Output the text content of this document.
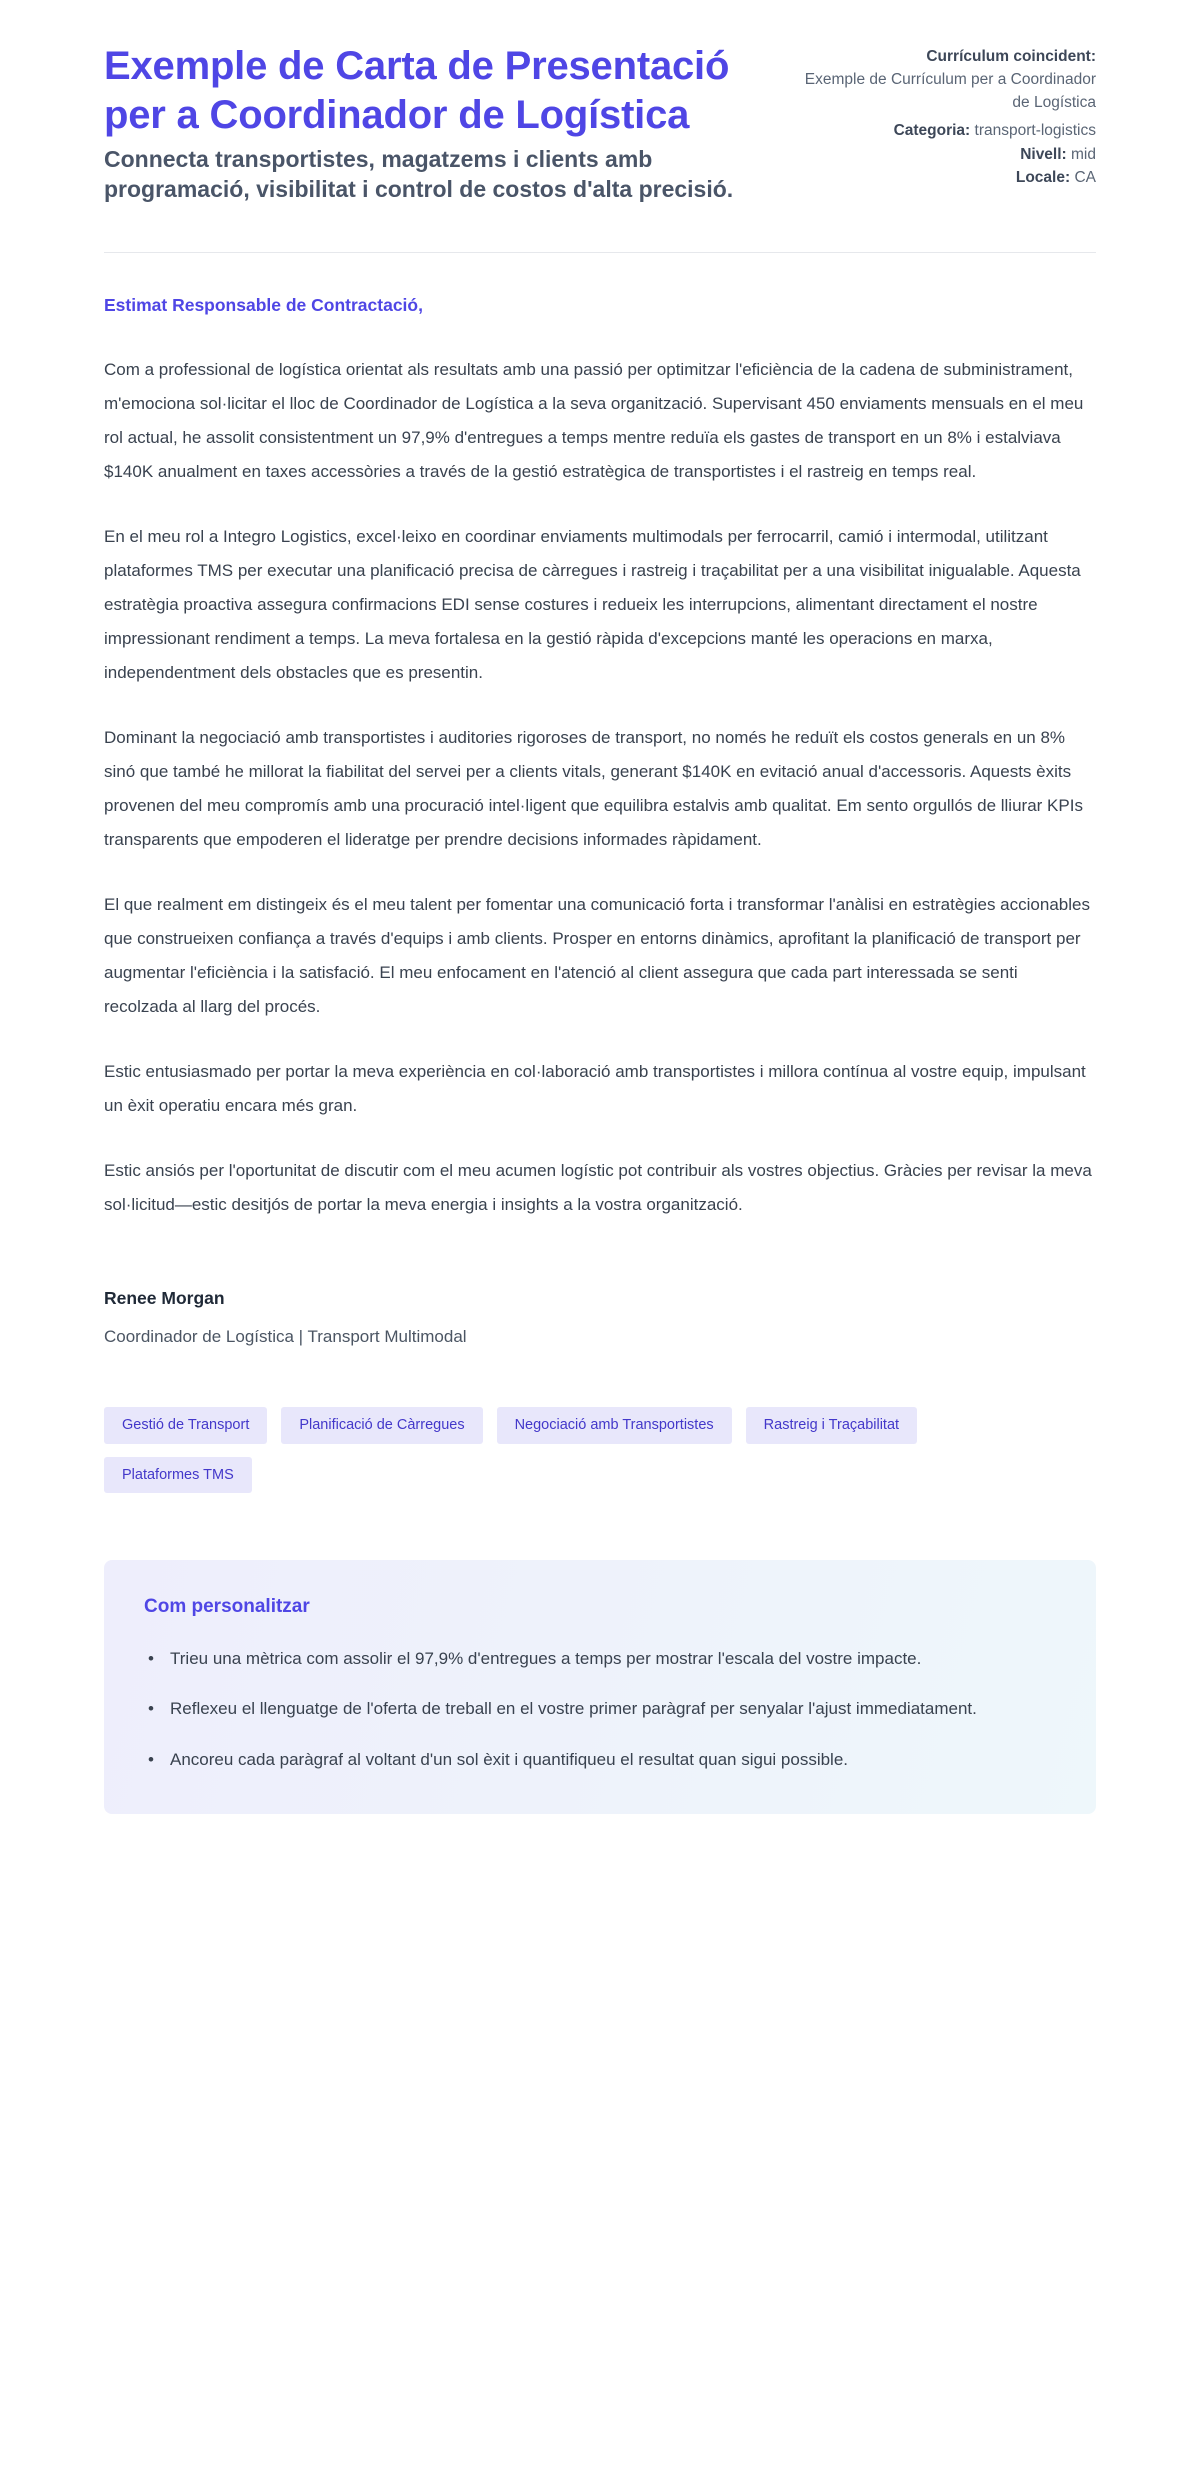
Exemple de Carta de Presentació per a Coordinador de Logística

Connecta transportistes, magatzems i clients amb programació, visibilitat i control de costos d'alta precisió.

Currículum coincident:
Exemple de Currículum per a Coordinador de Logística
Categoria: transport-logistics
Nivell: mid
Locale: CA

Estimat Responsable de Contractació,

Com a professional de logística orientat als resultats amb una passió per optimitzar l'eficiència de la cadena de subministrament, m'emociona sol·licitar el lloc de Coordinador de Logística a la seva organització. Supervisant 450 enviaments mensuals en el meu rol actual, he assolit consistentment un 97,9% d'entregues a temps mentre reduïa els gastes de transport en un 8% i estalviava $140K anualment en taxes accessòries a través de la gestió estratègica de transportistes i el rastreig en temps real.

En el meu rol a Integro Logistics, excel·leixo en coordinar enviaments multimodals per ferrocarril, camió i intermodal, utilitzant plataformes TMS per executar una planificació precisa de càrregues i rastreig i traçabilitat per a una visibilitat inigualable. Aquesta estratègia proactiva assegura confirmacions EDI sense costures i redueix les interrupcions, alimentant directament el nostre impressionant rendiment a temps. La meva fortalesa en la gestió ràpida d'excepcions manté les operacions en marxa, independentment dels obstacles que es presentin.

Dominant la negociació amb transportistes i auditories rigoroses de transport, no només he reduït els costos generals en un 8% sinó que també he millorat la fiabilitat del servei per a clients vitals, generant $140K en evitació anual d'accessoris. Aquests èxits provenen del meu compromís amb una procuració intel·ligent que equilibra estalvis amb qualitat. Em sento orgullós de lliurar KPIs transparents que empoderen el lideratge per prendre decisions informades ràpidament.

El que realment em distingeix és el meu talent per fomentar una comunicació forta i transformar l'anàlisi en estratègies accionables que construeixen confiança a través d'equips i amb clients. Prosper en entorns dinàmics, aprofitant la planificació de transport per augmentar l'eficiència i la satisfació. El meu enfocament en l'atenció al client assegura que cada part interessada se senti recolzada al llarg del procés.

Estic entusiasmado per portar la meva experiència en col·laboració amb transportistes i millora contínua al vostre equip, impulsant un èxit operatiu encara més gran.

Estic ansiós per l'oportunitat de discutir com el meu acumen logístic pot contribuir als vostres objectius. Gràcies per revisar la meva sol·licitud—estic desitjós de portar la meva energia i insights a la vostra organització.

Renee Morgan
Coordinador de Logística | Transport Multimodal
Gestió de Transport	Planificació de Càrregues	Negociació amb Transportistes	Rastreig i Traçabilitat
Plataformes TMS
Com personalitzar
• Trieu una mètrica com assolir el 97,9% d'entregues a temps per mostrar l'escala del vostre impacte.
• Reflexeu el llenguatge de l'oferta de treball en el vostre primer paràgraf per senyalar l'ajust immediatament.
• Ancoreu cada paràgraf al voltant d'un sol èxit i quantifiqueu el resultat quan sigui possible.
